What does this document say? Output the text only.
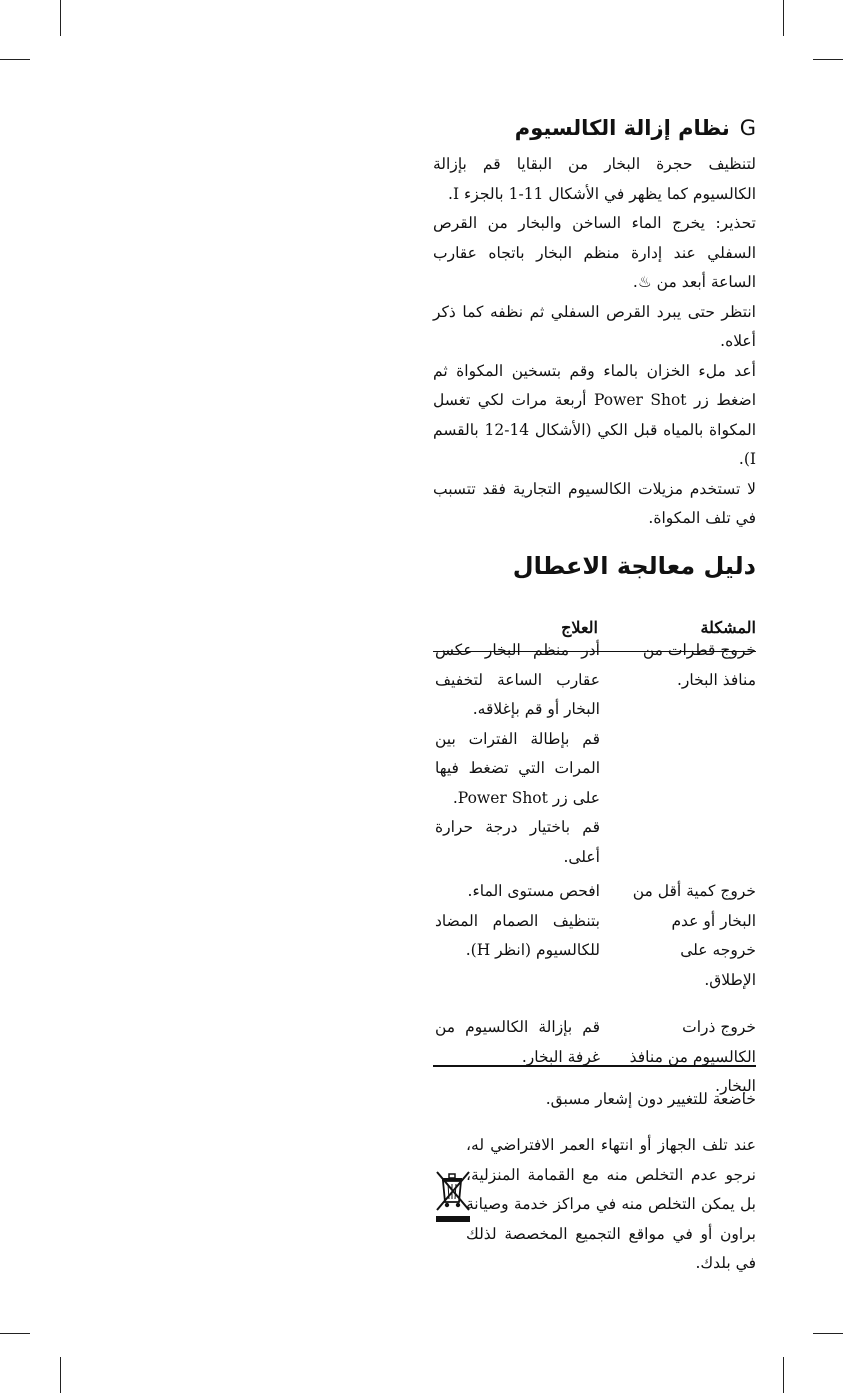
Gنظام إزالة الكالسيوم

لتنظيف حجرة البخار من البقايا قم بإزالة الكالسيوم كما يظهر في الأشكال 11-1 بالجزء I.

تحذير: يخرج الماء الساخن والبخار من القرص السفلي عند إدارة منظم البخار باتجاه عقارب الساعة أبعد من ♨.

انتظر حتى يبرد القرص السفلي ثم نظفه كما ذكر أعلاه.

أعد ملء الخزان بالماء وقم بتسخين المكواة ثم اضغط زر Power Shot أربعة مرات لكي تغسل المكواة بالمياه قبل الكي (الأشكال 14-12 بالقسم I).

لا تستخدم مزيلات الكالسيوم التجارية فقد تتسبب في تلف المكواة.

دليل معالجة الاعطال
المشكلة
العلاج

خروج قطرات من منافذ البخار.

أدر منظم البخار عكس عقارب الساعة لتخفيف البخار أو قم بإغلاقه.

قم بإطالة الفترات بين المرات التي تضغط فيها على زر Power Shot.

قم باختيار درجة حرارة أعلى.

خروج كمية أقل من البخار أو عدم خروجه على الإطلاق.

افحص مستوى الماء.

بتنظيف الصمام المضاد للكالسيوم (انظر H).

خروج ذرات الكالسيوم من منافذ البخار.

قم بإزالة الكالسيوم من غرفة البخار.

خاضعة للتغيير دون إشعار مسبق.

عند تلف الجهاز أو انتهاء العمر الافتراضي له، نرجو عدم التخلص منه مع القمامة المنزلية، بل يمكن التخلص منه في مراكز خدمة وصيانة براون أو في مواقع التجميع المخصصة لذلك في بلدك.
